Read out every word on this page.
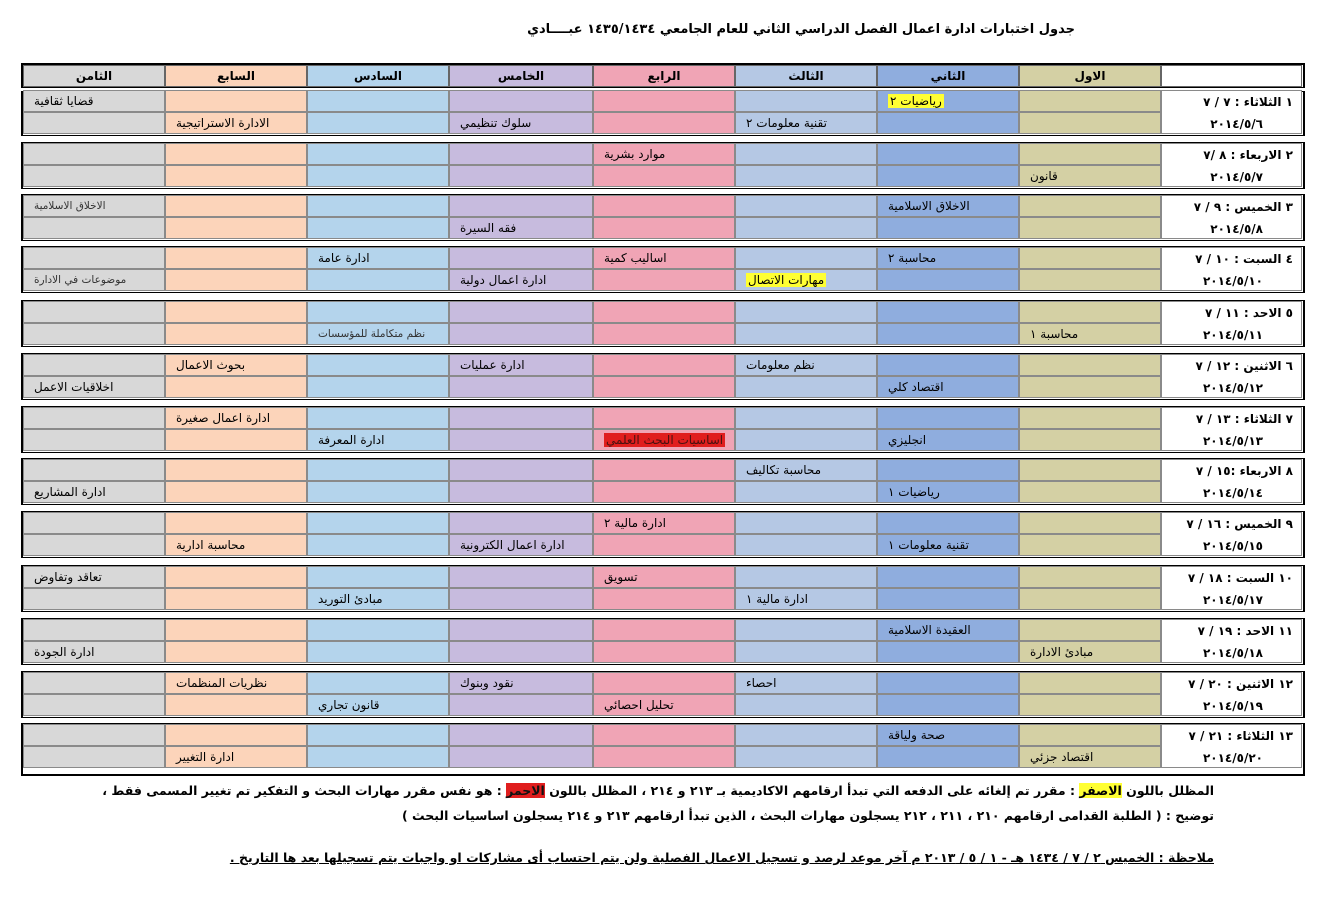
جدول اختبارات ادارة اعمال الفصل الدراسي الثاني للعام الجامعي ١٤٣٥/١٤٣٤ عبــــادي
الاول
الثاني
الثالث
الرابع
الخامس
السادس
السابع
الثامن
١ الثلاثاء : ٧ / ٧
٢٠١٤/٥/٦
رياضيات ٢
قضايا ثقافية
تقنية معلومات ٢
سلوك تنظيمي
الادارة الاستراتيجية
٢ الاربعاء : ٨ /٧
٢٠١٤/٥/٧
موارد بشرية
قانون
٣ الخميس : ٩ / ٧
٢٠١٤/٥/٨
الاخلاق الاسلامية
الاخلاق الاسلامية
فقه السيرة
٤ السبت : ١٠ / ٧
٢٠١٤/٥/١٠
محاسبة ٢
اساليب كمية
ادارة عامة
مهارات الاتصال
ادارة اعمال دولية
موضوعات في الادارة
٥ الاحد : ١١ / ٧
٢٠١٤/٥/١١
محاسبة ١
نظم متكاملة للمؤسسات
٦ الاثنين : ١٢ / ٧
٢٠١٤/٥/١٢
نظم معلومات
ادارة عمليات
بحوث الاعمال
اقتصاد كلي
اخلاقيات الاعمل
٧ الثلاثاء : ١٣ / ٧
٢٠١٤/٥/١٣
ادارة اعمال صغيرة
انجليزي
اساسيات البحث العلمي
ادارة المعرفة
٨ الاربعاء :١٥ / ٧
٢٠١٤/٥/١٤
محاسبة تكاليف
رياضيات ١
ادارة المشاريع
٩ الخميس : ١٦ / ٧
٢٠١٤/٥/١٥
ادارة مالية ٢
تقنية معلومات ١
ادارة اعمال الكترونية
محاسبة ادارية
١٠ السبت : ١٨ / ٧
٢٠١٤/٥/١٧
تسويق
تعاقد وتفاوض
ادارة مالية ١
مبادئ التوريد
١١ الاحد : ١٩ / ٧
٢٠١٤/٥/١٨
العقيدة الاسلامية
مبادئ الادارة
ادارة الجودة
١٢ الاثنين : ٢٠ / ٧
٢٠١٤/٥/١٩
احصاء
نقود وبنوك
نظريات المنظمات
تحليل احصائي
قانون تجاري
١٣ الثلاثاء : ٢١ / ٧
٢٠١٤/٥/٢٠
صحة ولياقة
اقتصاد جزئي
ادارة التغيير
المظلل باللون الاصفر : مقرر تم إلغائه على الدفعه التي تبدأ ارقامهم الاكاديمية بـ ٢١٣ و ٢١٤ ، المظلل باللون الاحمر : هو نفس مقرر مهارات البحث و التفكير تم تغيير المسمى فقط ،
توضيح : ( الطلبة القدامى ارقامهم ٢١٠ ، ٢١١ ، ٢١٢ يسجلون مهارات البحث ، الذين تبدأ ارقامهم ٢١٣ و ٢١٤ يسجلون اساسيات البحث )
ملاحظة : الخميس ٢ / ٧ / ١٤٣٤ هـ - ١ / ٥ / ٢٠١٣ م آخر موعد لرصد و تسجيل الاعمال الفصلية ولن يتم احتساب أى مشاركات او واجبات يتم تسجيلها بعد ها التاريخ .
